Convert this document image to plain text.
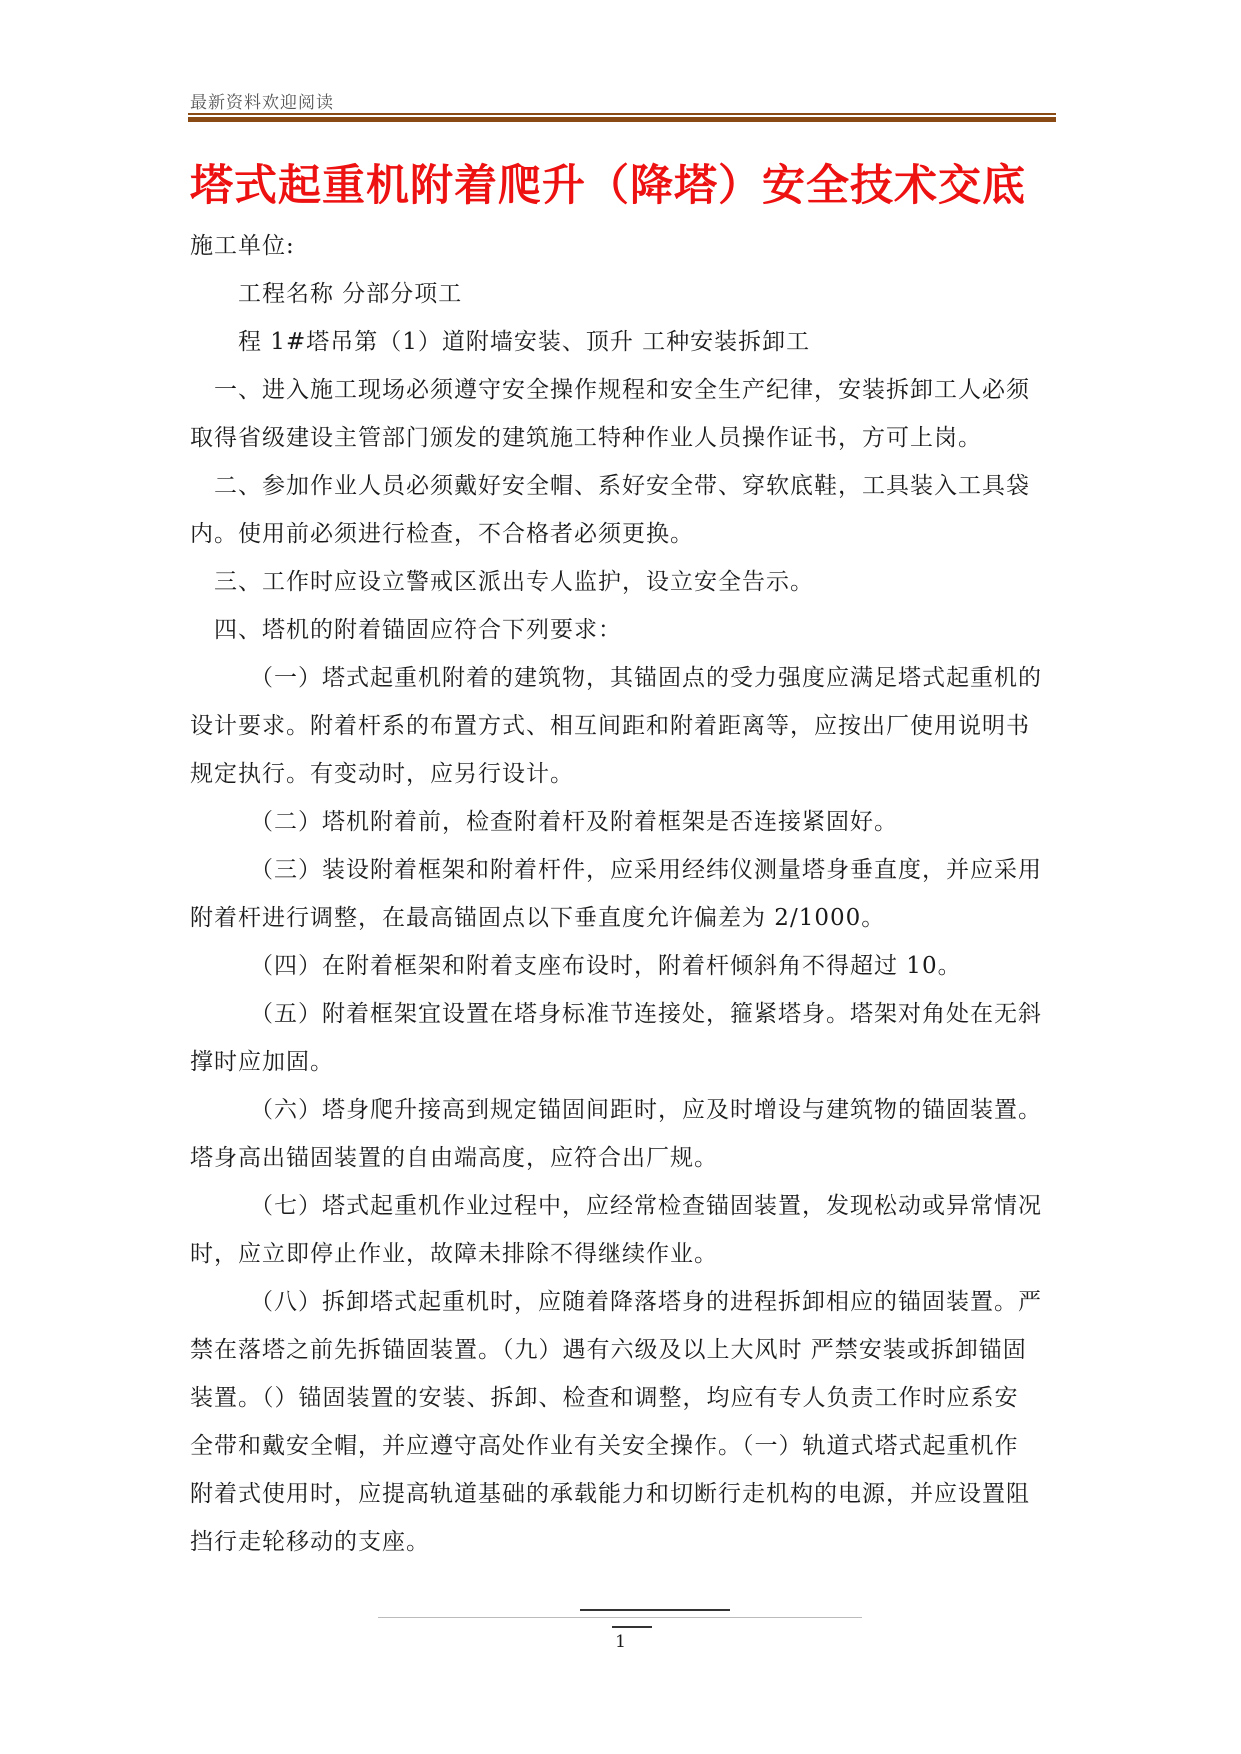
最新资料欢迎阅读
塔式起重机附着爬升（降塔）安全技术交底
施工单位:
工程名称 分部分项工
程 1#塔吊第（1）道附墙安装、顶升 工种安装拆卸工
一、进入施工现场必须遵守安全操作规程和安全生产纪律，安装拆卸工人必须
取得省级建设主管部门颁发的建筑施工特种作业人员操作证书，方可上岗。
二、参加作业人员必须戴好安全帽、系好安全带、穿软底鞋，工具装入工具袋
内。使用前必须进行检查，不合格者必须更换。
三、工作时应设立警戒区派出专人监护，设立安全告示。
四、塔机的附着锚固应符合下列要求：
（一）塔式起重机附着的建筑物，其锚固点的受力强度应满足塔式起重机的
设计要求。附着杆系的布置方式、相互间距和附着距离等，应按出厂使用说明书
规定执行。有变动时，应另行设计。
（二）塔机附着前，检查附着杆及附着框架是否连接紧固好。
（三）装设附着框架和附着杆件，应采用经纬仪测量塔身垂直度，并应采用
附着杆进行调整，在最高锚固点以下垂直度允许偏差为 2/1000。
（四）在附着框架和附着支座布设时，附着杆倾斜角不得超过 10。
（五）附着框架宜设置在塔身标准节连接处，箍紧塔身。塔架对角处在无斜
撑时应加固。
（六）塔身爬升接高到规定锚固间距时，应及时增设与建筑物的锚固装置。
塔身高出锚固装置的自由端高度，应符合出厂规。
（七）塔式起重机作业过程中，应经常检查锚固装置，发现松动或异常情况
时，应立即停止作业，故障未排除不得继续作业。
（八）拆卸塔式起重机时，应随着降落塔身的进程拆卸相应的锚固装置。严
禁在落塔之前先拆锚固装置。（九）遇有六级及以上大风时 严禁安装或拆卸锚固
装置。（）锚固装置的安装、拆卸、检查和调整，均应有专人负责工作时应系安
全带和戴安全帽，并应遵守高处作业有关安全操作。（一）轨道式塔式起重机作
附着式使用时，应提高轨道基础的承载能力和切断行走机构的电源，并应设置阻
挡行走轮移动的支座。
1
